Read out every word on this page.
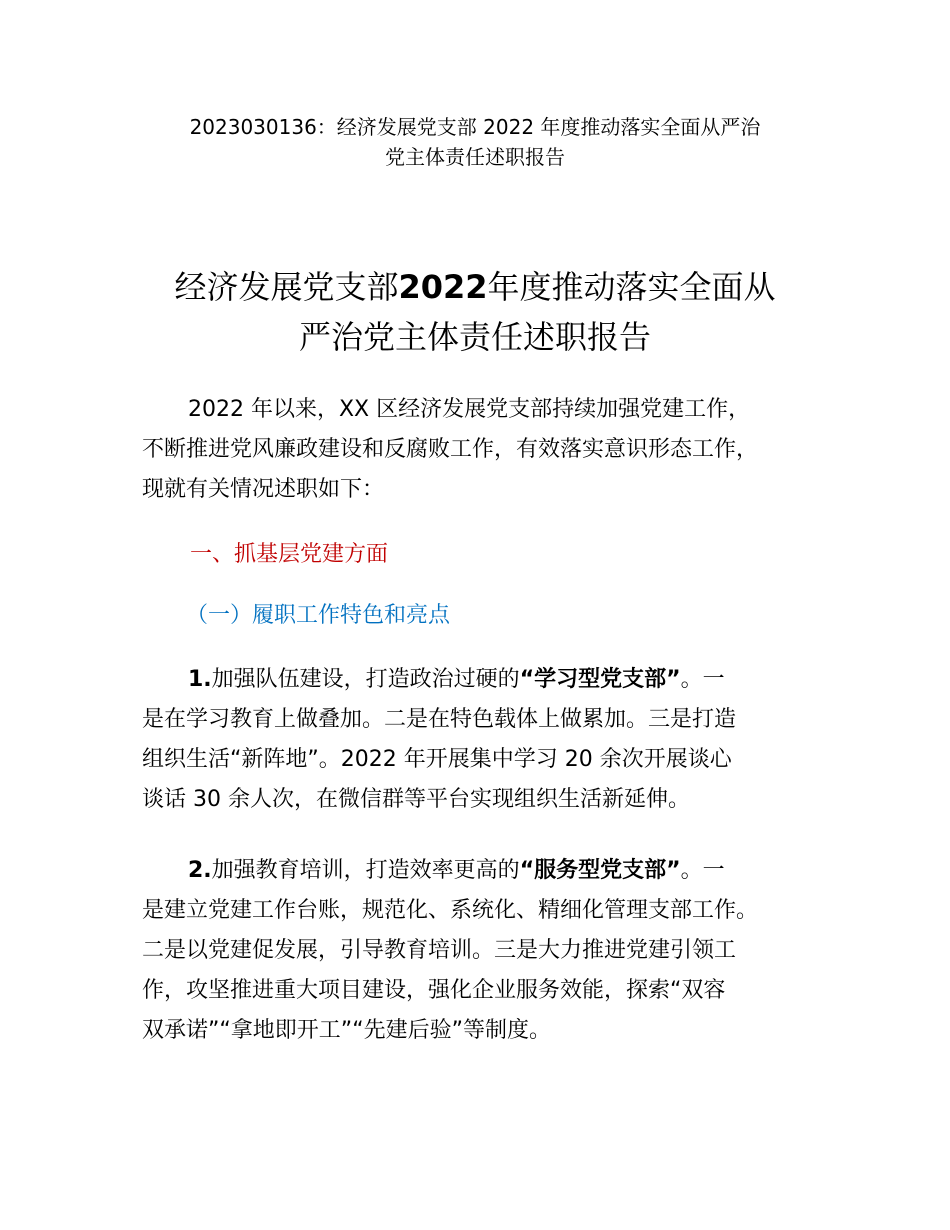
2023030136：经济发展党支部 2022 年度推动落实全面从严治
党主体责任述职报告
经济发展党支部2022年度推动落实全面从
严治党主体责任述职报告
2022 年以来，XX 区经济发展党支部持续加强党建工作，
不断推进党风廉政建设和反腐败工作，有效落实意识形态工作，
现就有关情况述职如下：
一、抓基层党建方面
（一）履职工作特色和亮点
1.加强队伍建设，打造政治过硬的“学习型党支部”。一
是在学习教育上做叠加。二是在特色载体上做累加。三是打造
组织生活“新阵地”。2022 年开展集中学习 20 余次开展谈心
谈话 30 余人次，在微信群等平台实现组织生活新延伸。
2.加强教育培训，打造效率更高的“服务型党支部”。一
是建立党建工作台账，规范化、系统化、精细化管理支部工作。
二是以党建促发展，引导教育培训。三是大力推进党建引领工
作，攻坚推进重大项目建设，强化企业服务效能，探索“双容
双承诺”“拿地即开工”“先建后验”等制度。
